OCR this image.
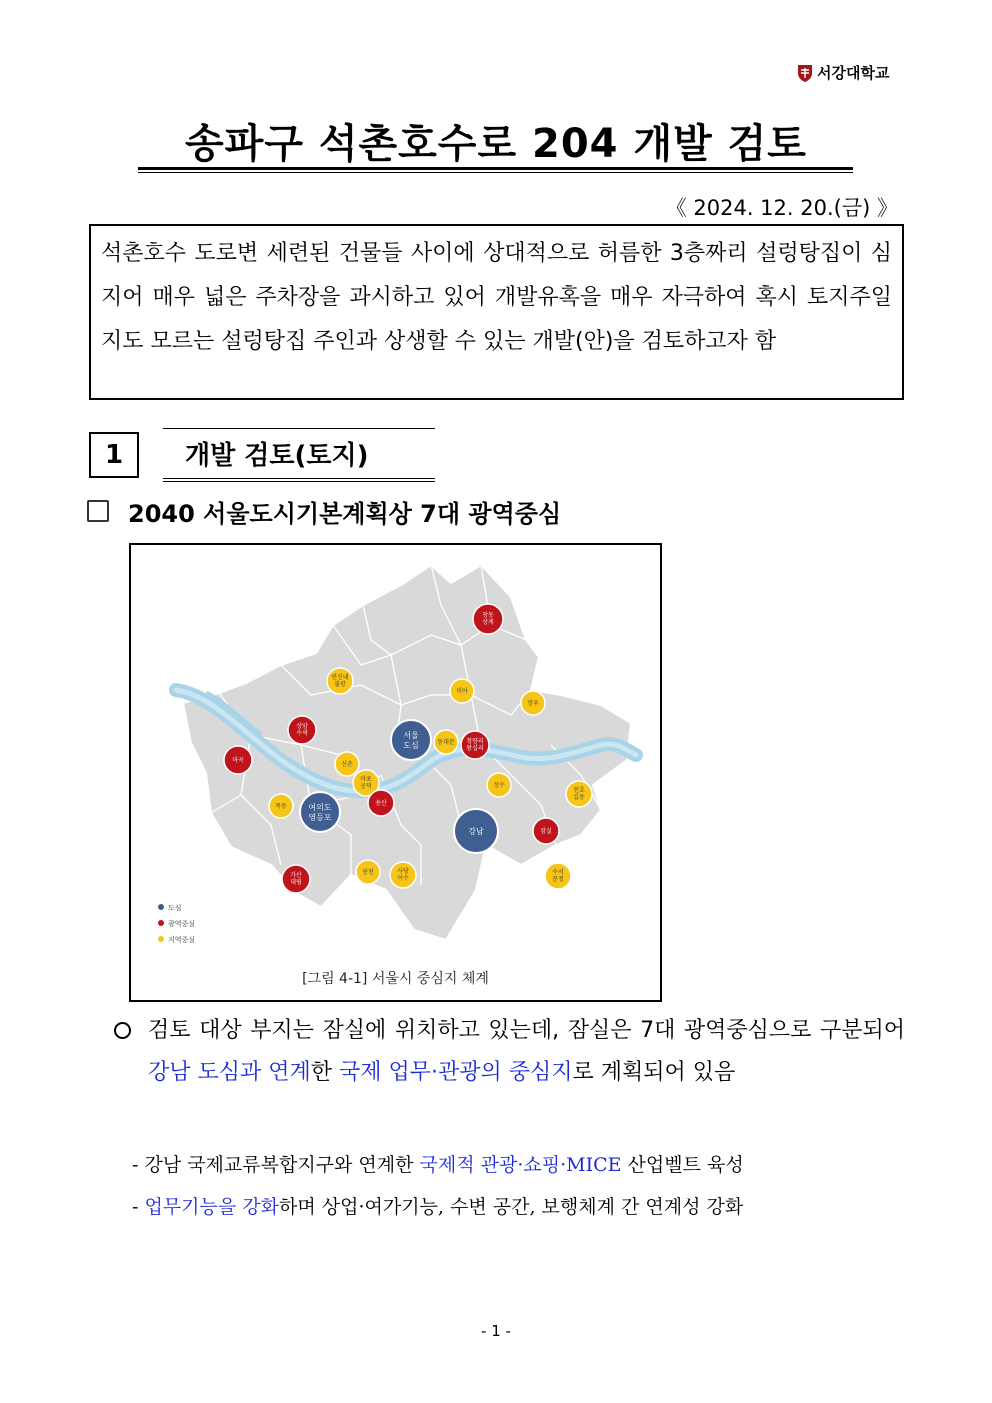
서강대학교
송파구 석촌호수로 204 개발 검토
《 2024. 12. 20.(금) 》
석촌호수 도로변 세련된 건물들 사이에 상대적으로 허름한 3층짜리 설렁탕집이 심지어 매우 넓은 주차장을 과시하고 있어 개발유혹을 매우 자극하여 혹시 토지주일지도 모르는 설렁탕집 주인과 상생할 수 있는 개발(안)을 검토하고자 함
1	개발 검토(토지)
2040 서울도시기본계획상 7대 광역중심
연신내
불광
미아
망우
동대문
신촌
마포
공덕	성수
천호
길동
목동
봉천	사당
이수
수서
문정
창동
상계
상암
수색
마곡
청량리
왕십리
용산
잠실
가산
대림
서울
도심
여의도
영등포
강남
도심
광역중심
지역중심
[그림 4-1] 서울시 중심지 체계
검토 대상 부지는 잠실에 위치하고 있는데, 잠실은 7대 광역중심으로 구분되어 강남 도심과 연계한 국제 업무·관광의 중심지로 계획되어 있음
- 강남 국제교류복합지구와 연계한 국제적 관광·쇼핑·MICE 산업벨트 육성
- 업무기능을 강화하며 상업·여가기능, 수변 공간, 보행체계 간 연계성 강화
- 1 -
